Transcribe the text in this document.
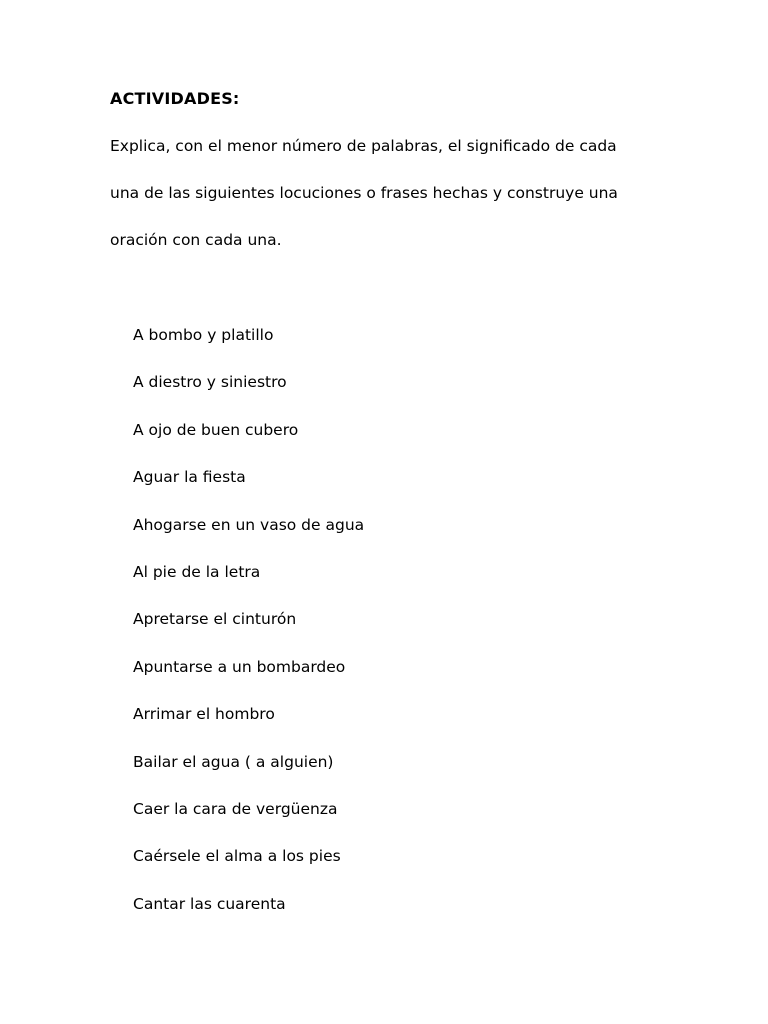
ACTIVIDADES:
Explica, con el menor número de palabras, el significado de cada
una de las siguientes locuciones o frases hechas y construye una
oración con cada una.
A bombo y platillo
A diestro y siniestro
A ojo de buen cubero
Aguar la fiesta
Ahogarse en un vaso de agua
Al pie de la letra
Apretarse el cinturón
Apuntarse a un bombardeo
Arrimar el hombro
Bailar el agua ( a alguien)
Caer la cara de vergüenza
Caérsele el alma a los pies
Cantar las cuarenta
